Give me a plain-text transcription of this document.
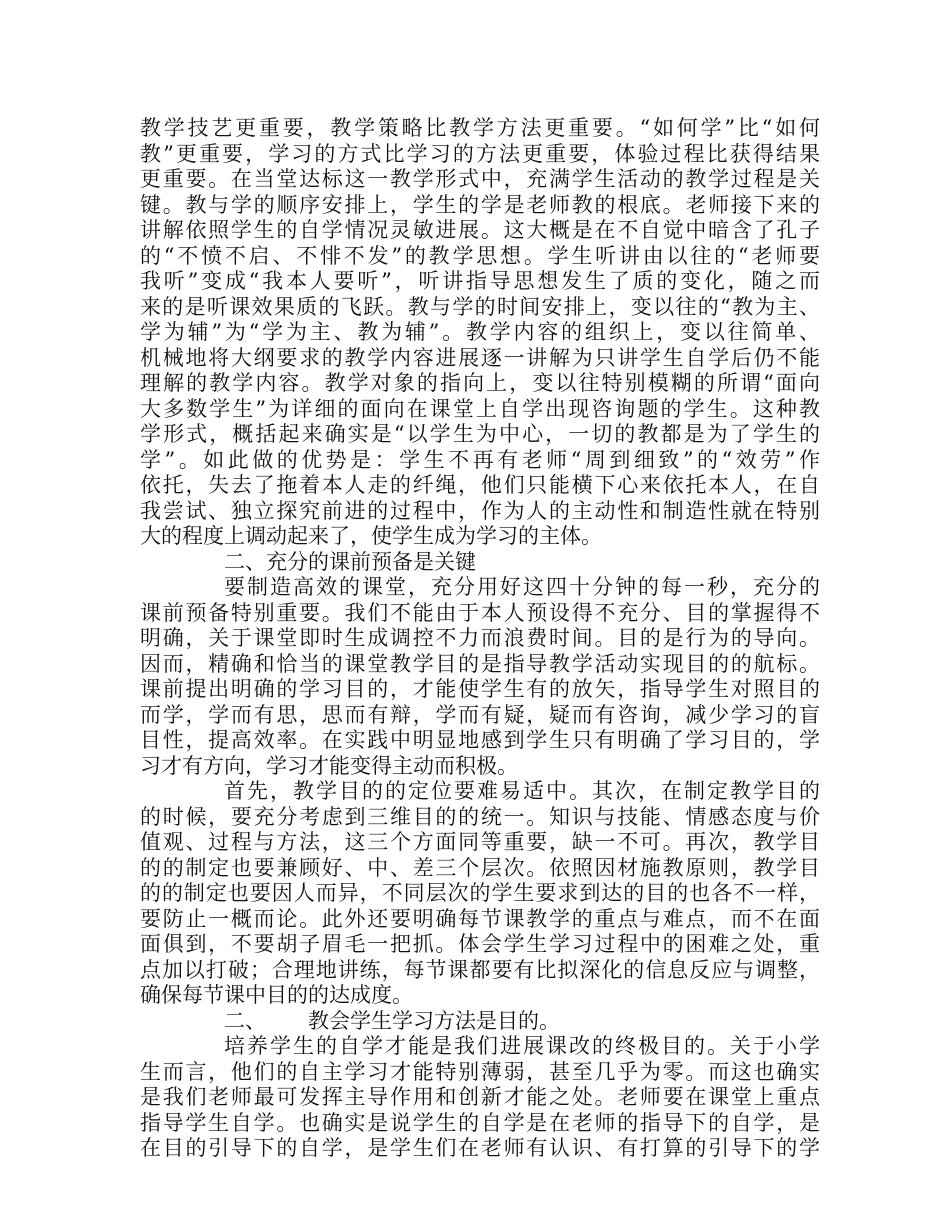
教学技艺更重要，教学策略比教学方法更重要。“如何学”比“如何
教”更重要，学习的方式比学习的方法更重要，体验过程比获得结果
更重要。在当堂达标这一教学形式中，充满学生活动的教学过程是关
键。教与学的顺序安排上，学生的学是老师教的根底。老师接下来的
讲解依照学生的自学情况灵敏进展。这大概是在不自觉中暗含了孔子
的“不愤不启、不悱不发”的教学思想。学生听讲由以往的“老师要
我听”变成“我本人要听”，听讲指导思想发生了质的变化，随之而
来的是听课效果质的飞跃。教与学的时间安排上，变以往的“教为主、
学为辅”为“学为主、教为辅”。教学内容的组织上，变以往简单、
机械地将大纲要求的教学内容进展逐一讲解为只讲学生自学后仍不能
理解的教学内容。教学对象的指向上，变以往特别模糊的所谓“面向
大多数学生”为详细的面向在课堂上自学出现咨询题的学生。这种教
学形式，概括起来确实是“以学生为中心，一切的教都是为了学生的
学”。如此做的优势是：学生不再有老师“周到细致”的“效劳”作
依托，失去了拖着本人走的纤绳，他们只能横下心来依托本人，在自
我尝试、独立探究前进的过程中，作为人的主动性和制造性就在特别
大的程度上调动起来了，使学生成为学习的主体。
二、充分的课前预备是关键
要制造高效的课堂，充分用好这四十分钟的每一秒，充分的
课前预备特别重要。我们不能由于本人预设得不充分、目的掌握得不
明确，关于课堂即时生成调控不力而浪费时间。目的是行为的导向。
因而，精确和恰当的课堂教学目的是指导教学活动实现目的的航标。
课前提出明确的学习目的，才能使学生有的放矢，指导学生对照目的
而学，学而有思，思而有辩，学而有疑，疑而有咨询，减少学习的盲
目性，提高效率。在实践中明显地感到学生只有明确了学习目的，学
习才有方向，学习才能变得主动而积极。
首先，教学目的的定位要难易适中。其次，在制定教学目的
的时候，要充分考虑到三维目的的统一。知识与技能、情感态度与价
值观、过程与方法，这三个方面同等重要，缺一不可。再次，教学目
的的制定也要兼顾好、中、差三个层次。依照因材施教原则，教学目
的的制定也要因人而异，不同层次的学生要求到达的目的也各不一样，
要防止一概而论。此外还要明确每节课教学的重点与难点，而不在面
面俱到，不要胡子眉毛一把抓。体会学生学习过程中的困难之处，重
点加以打破；合理地讲练，每节课都要有比拟深化的信息反应与调整，
确保每节课中目的的达成度。
二、 教会学生学习方法是目的。
培养学生的自学才能是我们进展课改的终极目的。关于小学
生而言，他们的自主学习才能特别薄弱，甚至几乎为零。而这也确实
是我们老师最可发挥主导作用和创新才能之处。老师要在课堂上重点
指导学生自学。也确实是说学生的自学是在老师的指导下的自学，是
在目的引导下的自学，是学生们在老师有认识、有打算的引导下的学
